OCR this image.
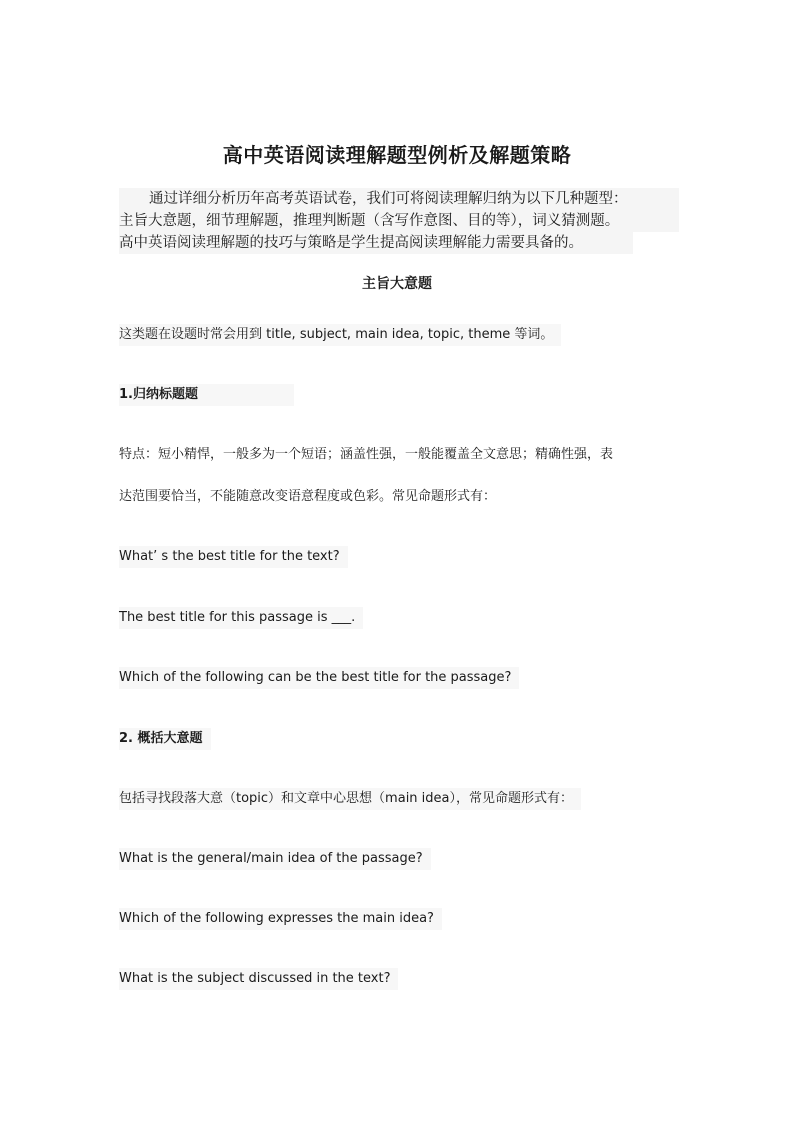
高中英语阅读理解题型例析及解题策略
通过详细分析历年高考英语试卷，我们可将阅读理解归纳为以下几种题型：
主旨大意题，细节理解题，推理判断题（含写作意图、目的等），词义猜测题。
高中英语阅读理解题的技巧与策略是学生提高阅读理解能力需要具备的。
主旨大意题
这类题在设题时常会用到 title, subject, main idea, topic, theme 等词。
1.归纳标题题
特点：短小精悍，一般多为一个短语；涵盖性强，一般能覆盖全文意思；精确性强，表
达范围要恰当，不能随意改变语意程度或色彩。常见命题形式有：
What’ s the best title for the text?
The best title for this passage is ___.
Which of the following can be the best title for the passage?
2. 概括大意题
包括寻找段落大意（topic）和文章中心思想（main idea），常见命题形式有：
What is the general/main idea of the passage?
Which of the following expresses the main idea?
What is the subject discussed in the text?
